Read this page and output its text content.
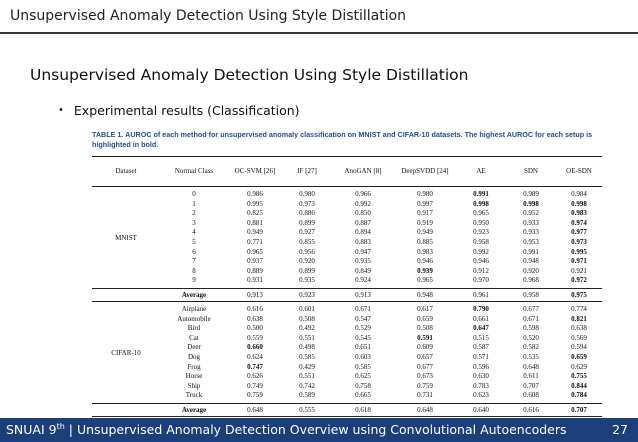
Unsupervised Anomaly Detection Using Style Distillation
Unsupervised Anomaly Detection Using Style Distillation
• Experimental results (Classification)
TABLE 1. AUROC of each method for unsupervised anomaly classification on MNIST and CIFAR-10 datasets. The highest AUROC for each setup is highlighted in bold.
Dataset	Normal Class	OC-SVM [26]	IF [27]	AnoGAN [8]	DeepSVDD [24]	AE	SDN	OE-SDN
MNIST	0	0.986	0.980	0.966	0.980	0.991	0.989	0.984
	1	0.995	0.973	0.992	0.997	0.998	0.998	0.998
	2	0.825	0.886	0.850	0.917	0.965	0.952	0.983
	3	0.881	0.899	0.887	0.919	0.950	0.933	0.974
	4	0.949	0.927	0.894	0.949	0.923	0.933	0.977
	5	0.771	0.855	0.883	0.885	0.958	0.953	0.973
	6	0.965	0.956	0.947	0.983	0.992	0.991	0.995
	7	0.937	0.920	0.935	0.946	0.946	0.948	0.971
	8	0.889	0.899	0.849	0.939	0.912	0.920	0.921
	9	0.931	0.935	0.924	0.965	0.970	0.968	0.972
	Average	0.913	0.923	0.913	0.948	0.961	0.958	0.975
CIFAR-10	Airplane	0.616	0.601	0.671	0.617	0.790	0.677	0.774
	Automobile	0.638	0.508	0.547	0.659	0.661	0.671	0.821
	Bird	0.500	0.492	0.529	0.508	0.647	0.598	0.638
	Cat	0.559	0.551	0.545	0.591	0.515	0.520	0.569
	Deer	0.660	0.498	0.651	0.609	0.587	0.582	0.594
	Dog	0.624	0.585	0.603	0.657	0.571	0.535	0.659
	Frog	0.747	0.429	0.585	0.677	0.596	0.648	0.629
	Horse	0.626	0.551	0.625	0.673	0.630	0.611	0.755
	Ship	0.749	0.742	0.758	0.759	0.783	0.707	0.844
	Truck	0.759	0.589	0.665	0.731	0.623	0.608	0.784
	Average	0.648	0.555	0.618	0.648	0.640	0.616	0.707
SNUAI 9th | Unsupervised Anomaly Detection Overview using Convolutional Autoencoders	27
